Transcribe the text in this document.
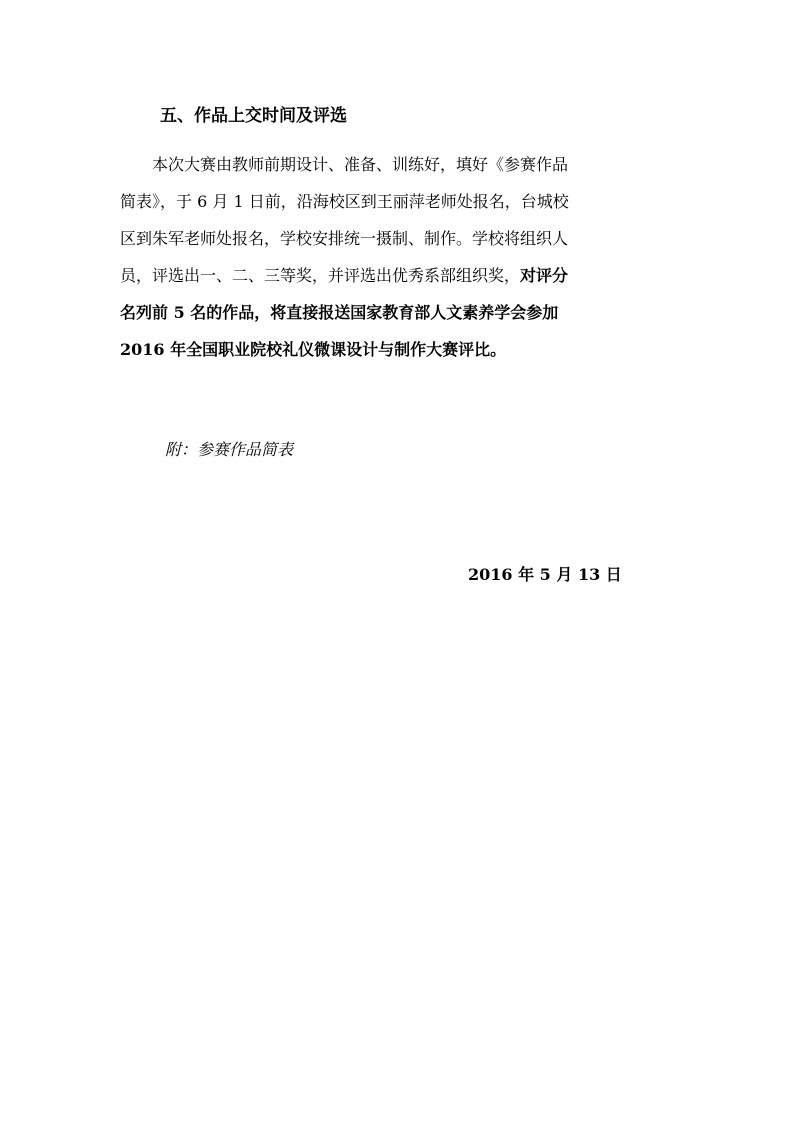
五、作品上交时间及评选
本次大赛由教师前期设计、准备、训练好，填好《参赛作品
简表》，于 6 月 1 日前，沿海校区到王丽萍老师处报名，台城校
区到朱军老师处报名，学校安排统一摄制、制作。学校将组织人
员，评选出一、二、三等奖，并评选出优秀系部组织奖，对评分
名列前 5 名的作品，将直接报送国家教育部人文素养学会参加
2016 年全国职业院校礼仪微课设计与制作大赛评比。
附：参赛作品简表
2016 年 5 月 13 日
